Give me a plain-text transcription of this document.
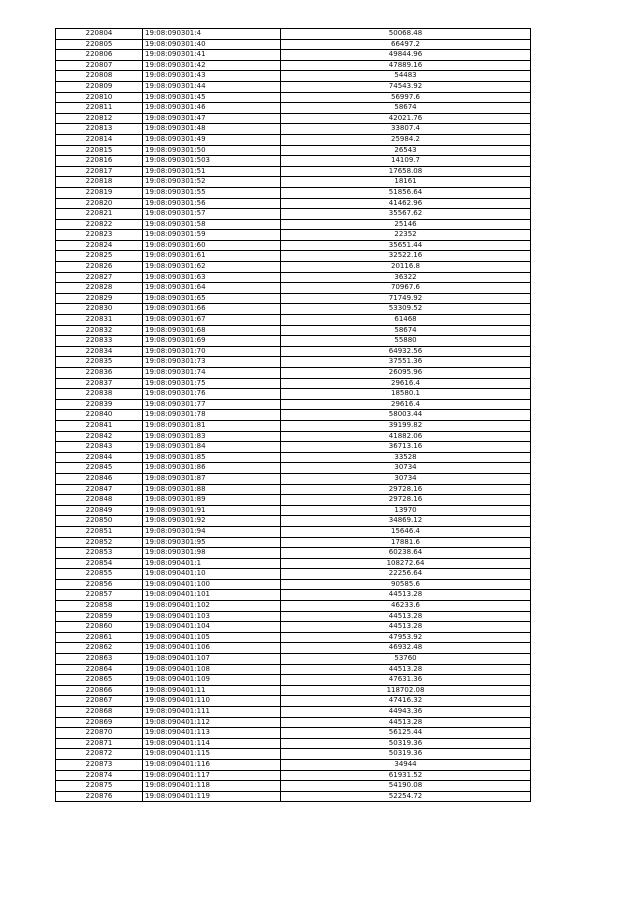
220804	19:08:090301:4	50068.48
220805	19:08:090301:40	66497.2
220806	19:08:090301:41	49844.96
220807	19:08:090301:42	47889.16
220808	19:08:090301:43	54483
220809	19:08:090301:44	74543.92
220810	19:08:090301:45	56997.6
220811	19:08:090301:46	58674
220812	19:08:090301:47	42021.76
220813	19:08:090301:48	33807.4
220814	19:08:090301:49	25984.2
220815	19:08:090301:50	26543
220816	19:08:090301:503	14109.7
220817	19:08:090301:51	17658.08
220818	19:08:090301:52	18161
220819	19:08:090301:55	51856.64
220820	19:08:090301:56	41462.96
220821	19:08:090301:57	35567.62
220822	19:08:090301:58	25146
220823	19:08:090301:59	22352
220824	19:08:090301:60	35651.44
220825	19:08:090301:61	32522.16
220826	19:08:090301:62	20116.8
220827	19:08:090301:63	36322
220828	19:08:090301:64	70967.6
220829	19:08:090301:65	71749.92
220830	19:08:090301:66	53309.52
220831	19:08:090301:67	61468
220832	19:08:090301:68	58674
220833	19:08:090301:69	55880
220834	19:08:090301:70	64932.56
220835	19:08:090301:73	37551.36
220836	19:08:090301:74	26095.96
220837	19:08:090301:75	29616.4
220838	19:08:090301:76	18580.1
220839	19:08:090301:77	29616.4
220840	19:08:090301:78	58003.44
220841	19:08:090301:81	39199.82
220842	19:08:090301:83	41882.06
220843	19:08:090301:84	36713.16
220844	19:08:090301:85	33528
220845	19:08:090301:86	30734
220846	19:08:090301:87	30734
220847	19:08:090301:88	29728.16
220848	19:08:090301:89	29728.16
220849	19:08:090301:91	13970
220850	19:08:090301:92	34869.12
220851	19:08:090301:94	15646.4
220852	19:08:090301:95	17881.6
220853	19:08:090301:98	60238.64
220854	19:08:090401:1	108272.64
220855	19:08:090401:10	22256.64
220856	19:08:090401:100	90585.6
220857	19:08:090401:101	44513.28
220858	19:08:090401:102	46233.6
220859	19:08:090401:103	44513.28
220860	19:08:090401:104	44513.28
220861	19:08:090401:105	47953.92
220862	19:08:090401:106	46932.48
220863	19:08:090401:107	53760
220864	19:08:090401:108	44513.28
220865	19:08:090401:109	47631.36
220866	19:08:090401:11	118702.08
220867	19:08:090401:110	47416.32
220868	19:08:090401:111	44943.36
220869	19:08:090401:112	44513.28
220870	19:08:090401:113	56125.44
220871	19:08:090401:114	50319.36
220872	19:08:090401:115	50319.36
220873	19:08:090401:116	34944
220874	19:08:090401:117	61931.52
220875	19:08:090401:118	54190.08
220876	19:08:090401:119	52254.72
